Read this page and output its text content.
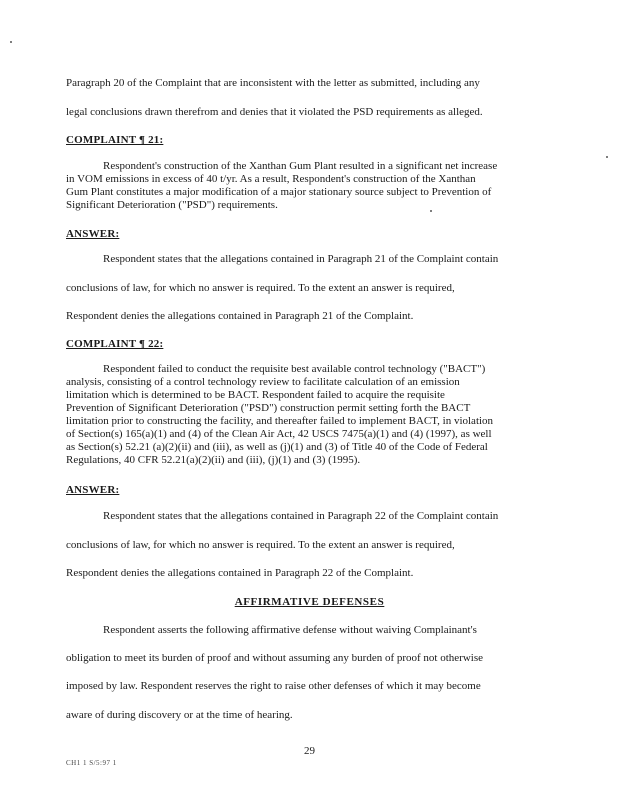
Paragraph 20 of the Complaint that are inconsistent with the letter as submitted, including any
legal conclusions drawn therefrom and denies that it violated the PSD requirements as alleged.
COMPLAINT ¶ 21:
Respondent's construction of the Xanthan Gum Plant resulted in a significant net increase
in VOM emissions in excess of 40 t/yr. As a result, Respondent's construction of the Xanthan
Gum Plant constitutes a major modification of a major stationary source subject to Prevention of
Significant Deterioration ("PSD") requirements.
ANSWER:
Respondent states that the allegations contained in Paragraph 21 of the Complaint contain
conclusions of law, for which no answer is required. To the extent an answer is required,
Respondent denies the allegations contained in Paragraph 21 of the Complaint.
COMPLAINT ¶ 22:
Respondent failed to conduct the requisite best available control technology ("BACT")
analysis, consisting of a control technology review to facilitate calculation of an emission
limitation which is determined to be BACT. Respondent failed to acquire the requisite
Prevention of Significant Deterioration ("PSD") construction permit setting forth the BACT
limitation prior to constructing the facility, and thereafter failed to implement BACT, in violation
of Section(s) 165(a)(1) and (4) of the Clean Air Act, 42 USCS 7475(a)(1) and (4) (1997), as well
as Section(s) 52.21 (a)(2)(ii) and (iii), as well as (j)(1) and (3) of Title 40 of the Code of Federal
Regulations, 40 CFR 52.21(a)(2)(ii) and (iii), (j)(1) and (3) (1995).
ANSWER:
Respondent states that the allegations contained in Paragraph 22 of the Complaint contain
conclusions of law, for which no answer is required. To the extent an answer is required,
Respondent denies the allegations contained in Paragraph 22 of the Complaint.
AFFIRMATIVE DEFENSES
Respondent asserts the following affirmative defense without waiving Complainant's
obligation to meet its burden of proof and without assuming any burden of proof not otherwise
imposed by law. Respondent reserves the right to raise other defenses of which it may become
aware of during discovery or at the time of hearing.
29
CH1 1 S/5:97 1
